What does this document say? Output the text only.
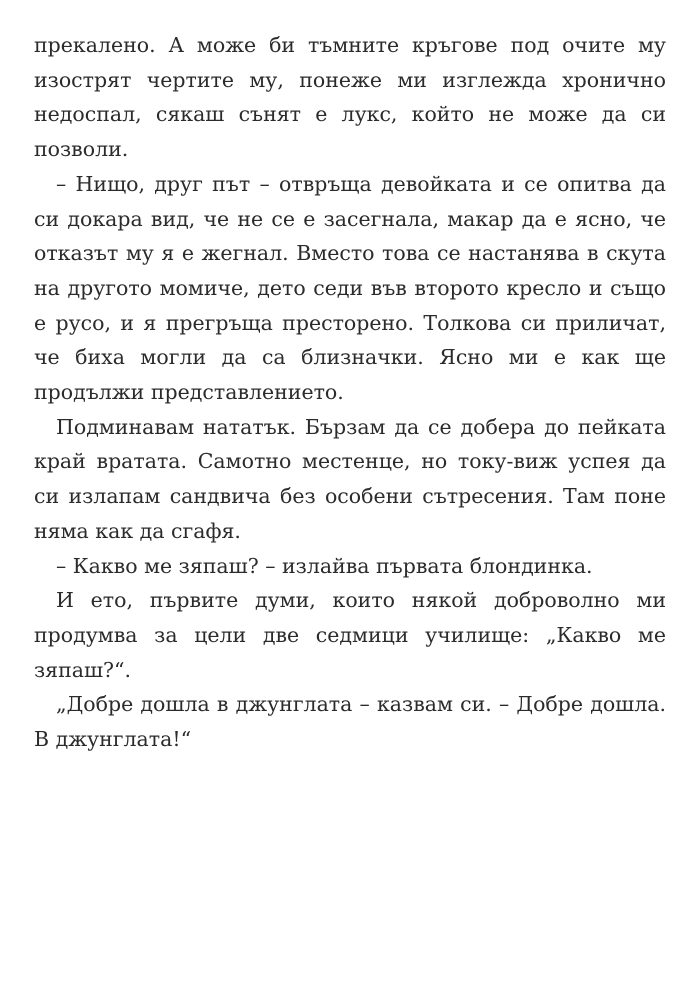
прекалено. А може би тъмните кръгове под очите му изострят чертите му, понеже ми изглежда хронично недоспал, сякаш сънят е лукс, който не може да си позволи.

– Нищо, друг път – отвръща девойката и се опитва да си докара вид, че не се е засегнала, макар да е ясно, че отказът му я е жегнал. Вместо това се настанява в скута на другото момиче, дето седи във второто кресло и също е русо, и я прегръща престорено. Толкова си приличат, че биха могли да са близначки. Ясно ми е как ще продължи представлението.

Подминавам нататък. Бързам да се добера до пейката край вратата. Самотно местенце, но току-виж успея да си излапам сандвича без особени сътресения. Там поне няма как да сгафя.

– Какво ме зяпаш? – излайва първата блондинка.

И ето, първите думи, които някой доброволно ми продумва за цели две седмици училище: „Какво ме зяпаш?“.

„Добре дошла в джунглата – казвам си. – Добре дошла. В джунглата!“
